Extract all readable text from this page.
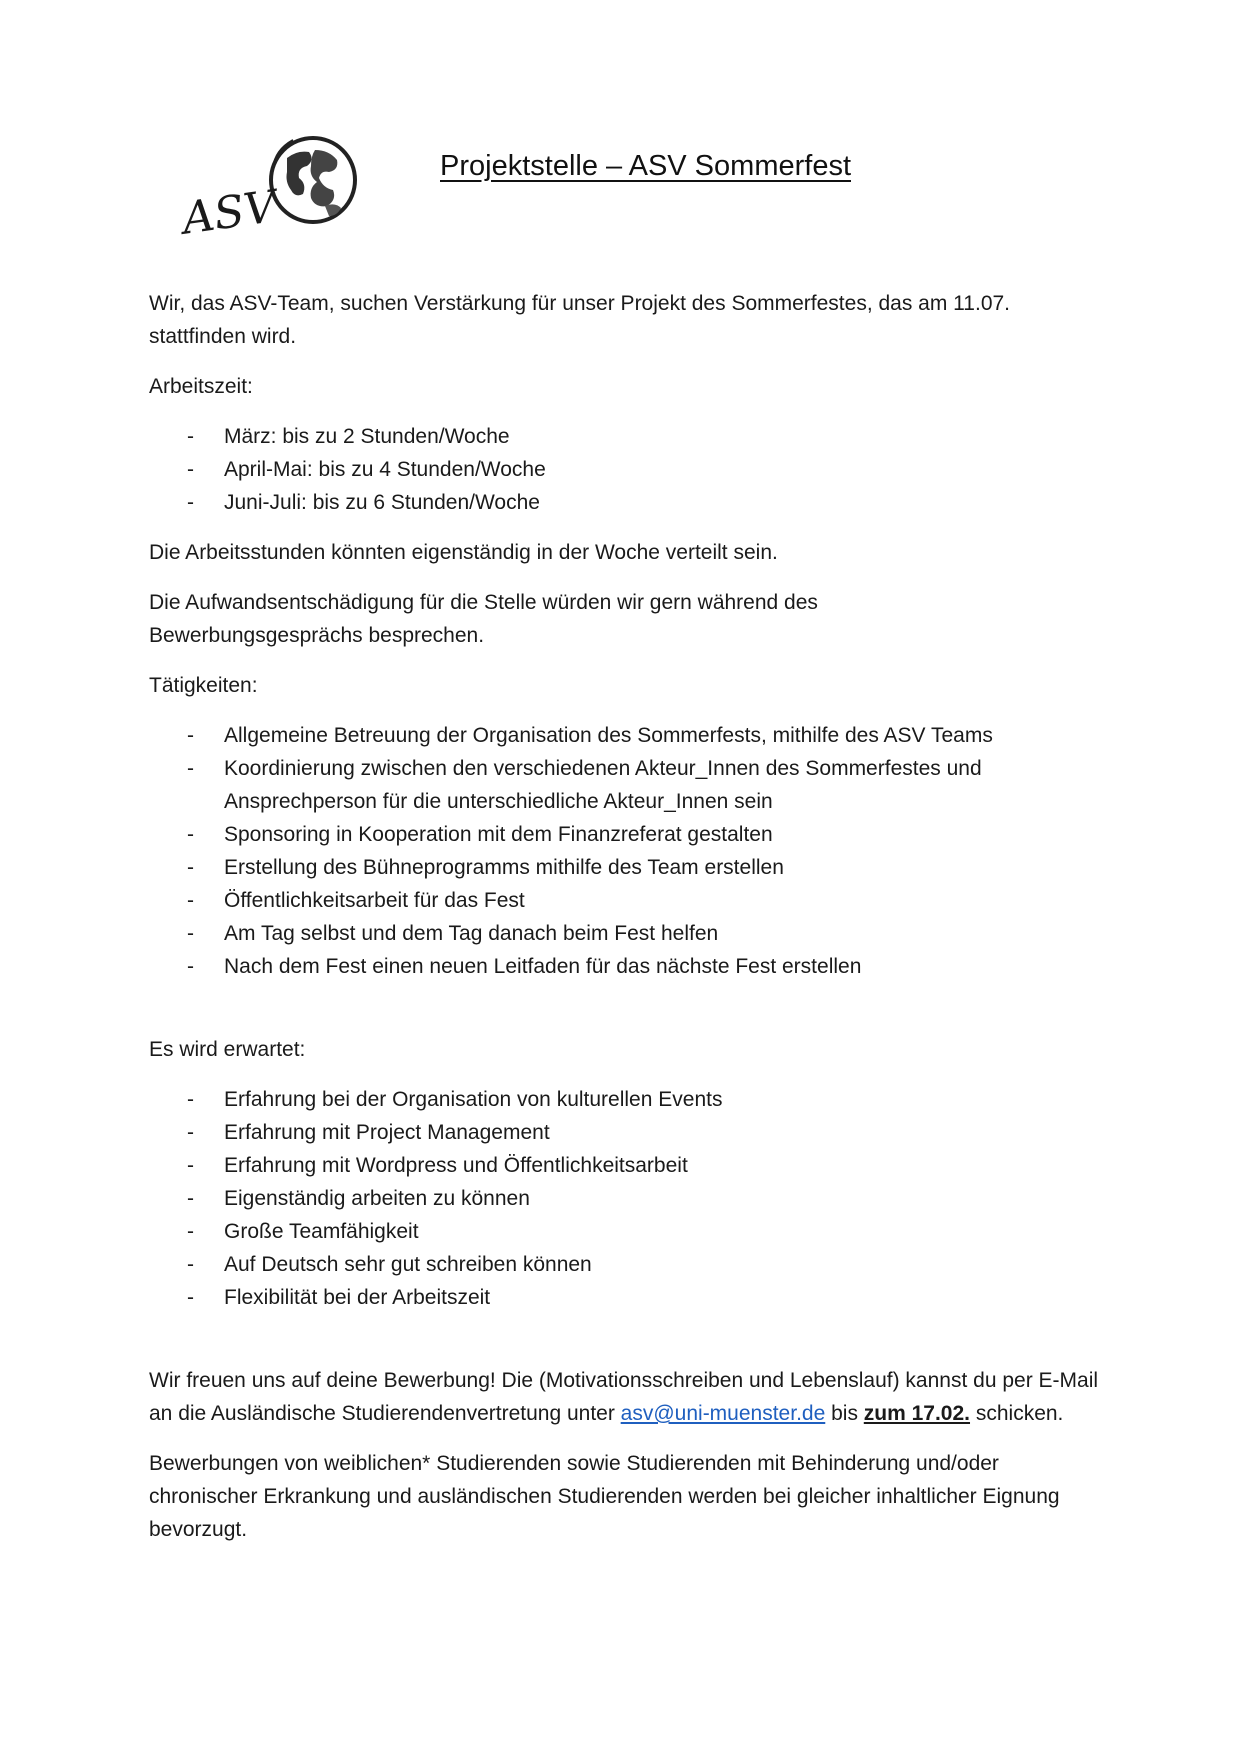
ASV
Projektstelle – ASV Sommerfest

Wir, das ASV-Team, suchen Verstärkung für unser Projekt des Sommerfestes, das am 11.07. stattfinden wird.

Arbeitszeit:

- März: bis zu 2 Stunden/Woche
- April-Mai: bis zu 4 Stunden/Woche
- Juni-Juli: bis zu 6 Stunden/Woche

Die Arbeitsstunden könnten eigenständig in der Woche verteilt sein.

Die Aufwandsentschädigung für die Stelle würden wir gern während des Bewerbungsgesprächs besprechen.

Tätigkeiten:

- Allgemeine Betreuung der Organisation des Sommerfests, mithilfe des ASV Teams
- Koordinierung zwischen den verschiedenen Akteur_Innen des Sommerfestes und Ansprechperson für die unterschiedliche Akteur_Innen sein
- Sponsoring in Kooperation mit dem Finanzreferat gestalten
- Erstellung des Bühneprogramms mithilfe des Team erstellen
- Öffentlichkeitsarbeit für das Fest
- Am Tag selbst und dem Tag danach beim Fest helfen
- Nach dem Fest einen neuen Leitfaden für das nächste Fest erstellen

Es wird erwartet:

- Erfahrung bei der Organisation von kulturellen Events
- Erfahrung mit Project Management
- Erfahrung mit Wordpress und Öffentlichkeitsarbeit
- Eigenständig arbeiten zu können
- Große Teamfähigkeit
- Auf Deutsch sehr gut schreiben können
- Flexibilität bei der Arbeitszeit

Wir freuen uns auf deine Bewerbung! Die (Motivationsschreiben und Lebenslauf) kannst du per E-Mail an die Ausländische Studierendenvertretung unter asv@uni-muenster.de bis zum 17.02. schicken.

Bewerbungen von weiblichen* Studierenden sowie Studierenden mit Behinderung und/oder chronischer Erkrankung und ausländischen Studierenden werden bei gleicher inhaltlicher Eignung bevorzugt.
